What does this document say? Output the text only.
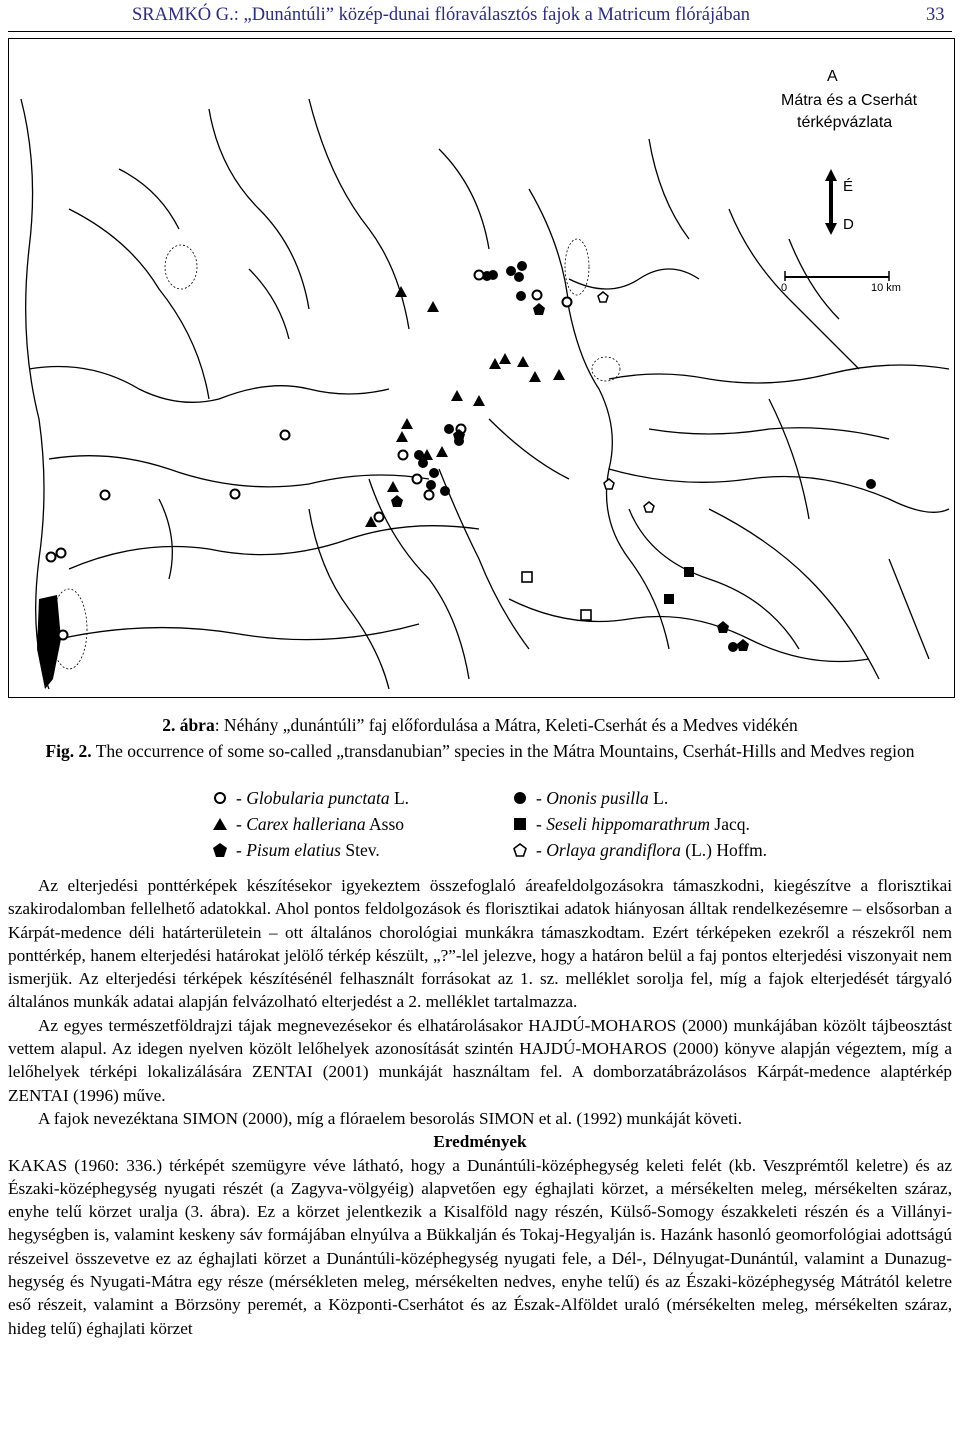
SRAMKÓ G.: „Dunántúli” közép-dunai flóraválasztós fajok a Matricum flórájában	33
A
Mátra és a Cserhát
térképvázlata
É
D
0	10 km
2. ábra: Néhány „dunántúli” faj előfordulása a Mátra, Keleti-Cserhát és a Medves vidékén
Fig. 2. The occurrence of some so-called „transdanubian” species in the Mátra Mountains, Cserhát-Hills and Medves region
- Globularia punctata L.	- Ononis pusilla L.
- Carex halleriana Asso	- Seseli hippomarathrum Jacq.
- Pisum elatius Stev.	- Orlaya grandiflora (L.) Hoffm.

Az elterjedési ponttérképek készítésekor igyekeztem összefoglaló áreafeldolgozásokra támaszkodni, kiegészítve a florisztikai szakirodalomban fellelhető adatokkal. Ahol pontos feldolgozások és florisztikai adatok hiányosan álltak rendelkezésemre – elsősorban a Kárpát-medence déli határterületein – ott általános chorológiai munkákra támaszkodtam. Ezért térképeken ezekről a részekről nem ponttérkép, hanem elterjedési határokat jelölő térkép készült, „?”-lel jelezve, hogy a határon belül a faj pontos elterjedési viszonyait nem ismerjük. Az elterjedési térképek készítésénél felhasznált forrásokat az 1. sz. melléklet sorolja fel, míg a fajok elterjedését tárgyaló általános munkák adatai alapján felvázolható elterjedést a 2. melléklet tartalmazza.

Az egyes természetföldrajzi tájak megnevezésekor és elhatárolásakor HAJDÚ-MOHAROS (2000) munkájában közölt tájbeosztást vettem alapul. Az idegen nyelven közölt lelőhelyek azonosítását szintén HAJDÚ-MOHAROS (2000) könyve alapján végeztem, míg a lelőhelyek térképi lokalizálására ZENTAI (2001) munkáját használtam fel. A domborzatábrázolásos Kárpát-medence alaptérkép ZENTAI (1996) műve.

A fajok nevezéktana SIMON (2000), míg a flóraelem besorolás SIMON et al. (1992) munkáját követi.

Eredmények

KAKAS (1960: 336.) térképét szemügyre véve látható, hogy a Dunántúli-középhegység keleti felét (kb. Veszprémtől keletre) és az Északi-középhegység nyugati részét (a Zagyva-völgyéig) alapvetően egy éghajlati körzet, a mérsékelten meleg, mérsékelten száraz, enyhe telű körzet uralja (3. ábra). Ez a körzet jelentkezik a Kisalföld nagy részén, Külső-Somogy északkeleti részén és a Villányi-hegységben is, valamint keskeny sáv formájában elnyúlva a Bükkalján és Tokaj-Hegyalján is. Hazánk hasonló geomorfológiai adottságú részeivel összevetve ez az éghajlati körzet a Dunántúli-középhegység nyugati fele, a Dél-, Délnyugat-Dunántúl, valamint a Dunazug-hegység és Nyugati-Mátra egy része (mérsékleten meleg, mérsékelten nedves, enyhe telű) és az Északi-középhegység Mátrától keletre eső részeit, valamint a Börzsöny peremét, a Központi-Cserhátot és az Észak-Alföldet uraló (mérsékelten meleg, mérsékelten száraz, hideg telű) éghajlati körzet
